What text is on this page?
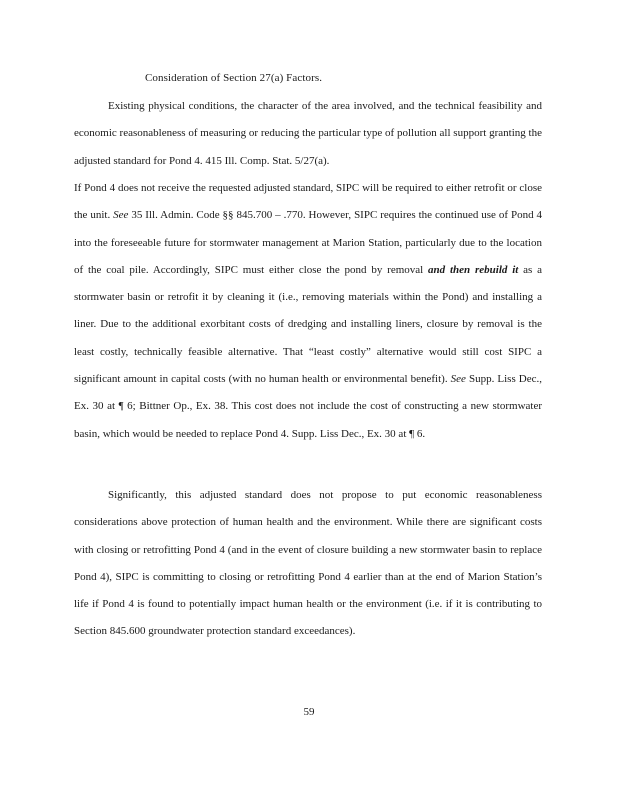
Consideration of Section 27(a) Factors.

Existing physical conditions, the character of the area involved, and the technical feasibility and economic reasonableness of measuring or reducing the particular type of pollution all support granting the adjusted standard for Pond 4. 415 Ill. Comp. Stat. 5/27(a).

If Pond 4 does not receive the requested adjusted standard, SIPC will be required to either retrofit or close the unit. See 35 Ill. Admin. Code §§ 845.700 – .770. However, SIPC requires the continued use of Pond 4 into the foreseeable future for stormwater management at Marion Station, particularly due to the location of the coal pile. Accordingly, SIPC must either close the pond by removal and then rebuild it as a stormwater basin or retrofit it by cleaning it (i.e., removing materials within the Pond) and installing a liner. Due to the additional exorbitant costs of dredging and installing liners, closure by removal is the least costly, technically feasible alternative. That “least costly” alternative would still cost SIPC a significant amount in capital costs (with no human health or environmental benefit). See Supp. Liss Dec., Ex. 30 at ¶ 6; Bittner Op., Ex. 38. This cost does not include the cost of constructing a new stormwater basin, which would be needed to replace Pond 4. Supp. Liss Dec., Ex. 30 at ¶ 6.

Significantly, this adjusted standard does not propose to put economic reasonableness considerations above protection of human health and the environment. While there are significant costs with closing or retrofitting Pond 4 (and in the event of closure building a new stormwater basin to replace Pond 4), SIPC is committing to closing or retrofitting Pond 4 earlier than at the end of Marion Station’s life if Pond 4 is found to potentially impact human health or the environment (i.e. if it is contributing to Section 845.600 groundwater protection standard exceedances).

59
